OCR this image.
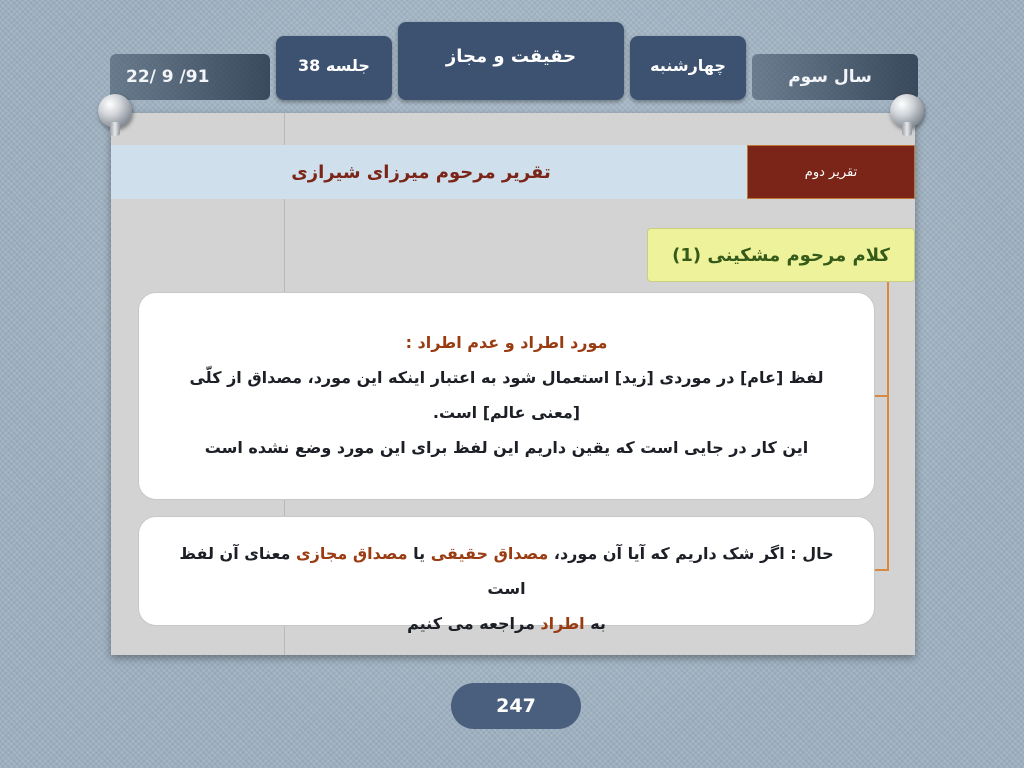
22/ 9 /91	سال سوم
جلسه 38	حقیقت و مجاز	چهارشنبه
تقریر مرحوم میرزای شیرازی	تقریر دوم
کلام مرحوم مشکینی (1)
مورد اطراد و عدم اطراد :
لفظ [عام] در موردی [زید] استعمال شود به اعتبار اینکه این مورد، مصداق از کلّی [معنی عالم] است.
این کار در جایی است که یقین داریم این لفظ برای این مورد وضع نشده است
حال : اگر شک داریم که آیا آن مورد، مصداق حقیقی یا مصداق مجازی معنای آن لفظ است
به اطراد مراجعه می کنیم
247
